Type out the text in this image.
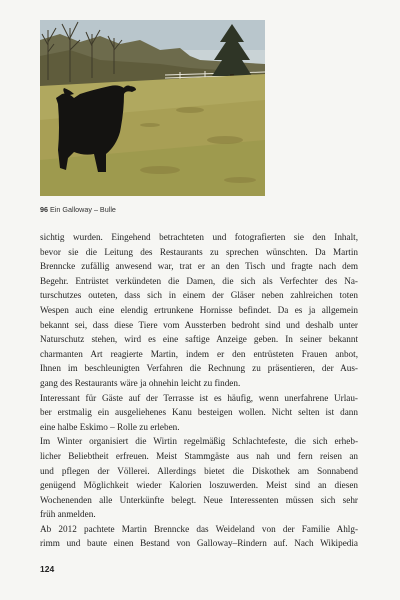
96 Ein Galloway – Bulle

sichtig wurden. Eingehend betrachteten und fotografierten sie den Inhalt,
bevor sie die Leitung des Restaurants zu sprechen wünschten. Da Martin
Brenncke zufällig anwesend war, trat er an den Tisch und fragte nach dem
Begehr. Entrüstet verkündeten die Damen, die sich als Verfechter des Na-
turschutzes outeten, dass sich in einem der Gläser neben zahlreichen toten
Wespen auch eine elendig ertrunkene Hornisse befindet. Da es ja allgemein
bekannt sei, dass diese Tiere vom Aussterben bedroht sind und deshalb unter
Naturschutz stehen, wird es eine saftige Anzeige geben. In seiner bekannt
charmanten Art reagierte Martin, indem er den entrüsteten Frauen anbot,
Ihnen im beschleunigten Verfahren die Rechnung zu präsentieren, der Aus-
gang des Restaurants wäre ja ohnehin leicht zu finden.

Interessant für Gäste auf der Terrasse ist es häufig, wenn unerfahrene Urlau-
ber erstmalig ein ausgeliehenes Kanu besteigen wollen. Nicht selten ist dann
eine halbe Eskimo – Rolle zu erleben.

Im Winter organisiert die Wirtin regelmäßig Schlachtefeste, die sich erheb-
licher Beliebtheit erfreuen. Meist Stammgäste aus nah und fern reisen an
und pflegen der Völlerei. Allerdings bietet die Diskothek am Sonnabend
genügend Möglichkeit wieder Kalorien loszuwerden. Meist sind an diesen
Wochenenden alle Unterkünfte belegt. Neue Interessenten müssen sich sehr
früh anmelden.

Ab 2012 pachtete Martin Brenncke das Weideland von der Familie Ahlg-
rimm und baute einen Bestand von Galloway–Rindern auf. Nach Wikipedia

124
